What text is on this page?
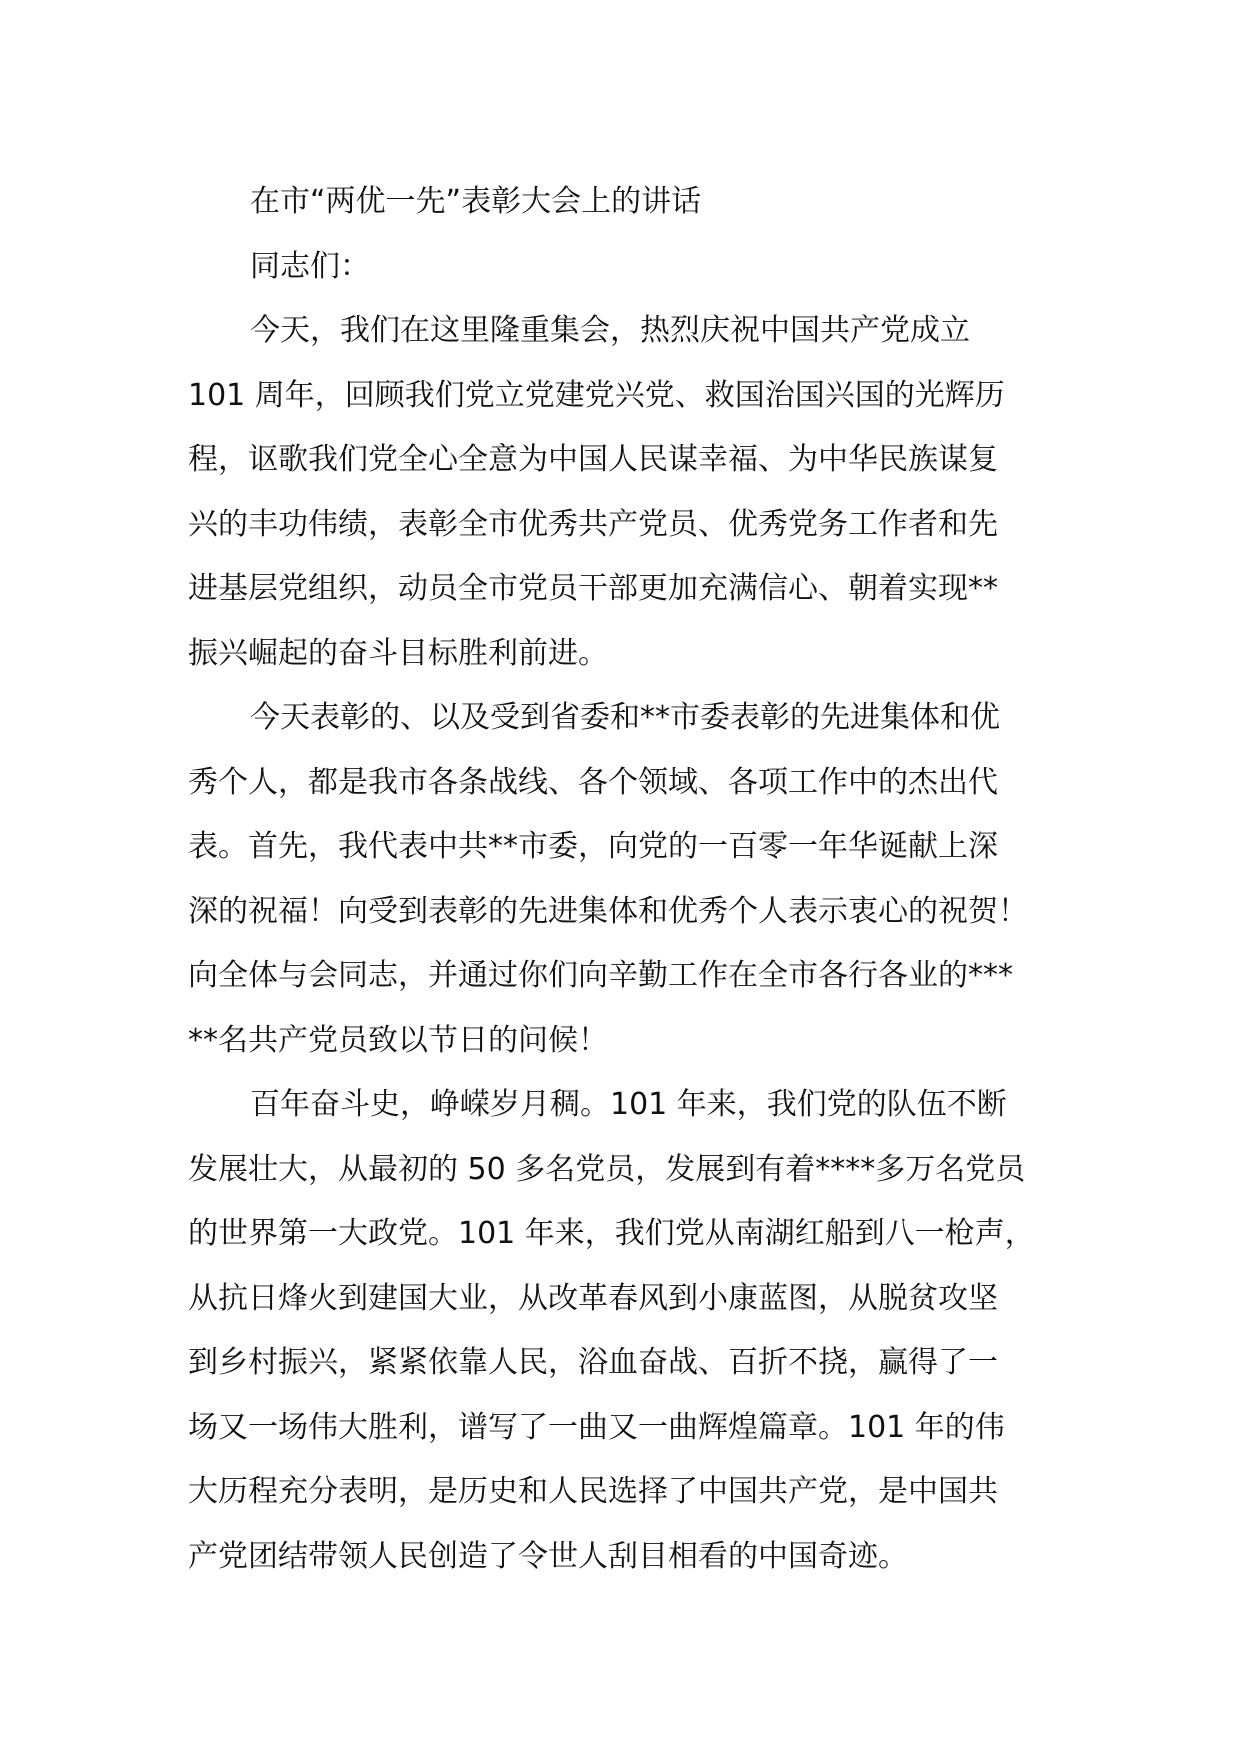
在市“两优一先”表彰大会上的讲话
同志们：
今天，我们在这里隆重集会，热烈庆祝中国共产党成立
101 周年，回顾我们党立党建党兴党、救国治国兴国的光辉历
程，讴歌我们党全心全意为中国人民谋幸福、为中华民族谋复
兴的丰功伟绩，表彰全市优秀共产党员、优秀党务工作者和先
进基层党组织，动员全市党员干部更加充满信心、朝着实现**
振兴崛起的奋斗目标胜利前进。
今天表彰的、以及受到省委和**市委表彰的先进集体和优
秀个人，都是我市各条战线、各个领域、各项工作中的杰出代
表。首先，我代表中共**市委，向党的一百零一年华诞献上深
深的祝福！向受到表彰的先进集体和优秀个人表示衷心的祝贺！
向全体与会同志，并通过你们向辛勤工作在全市各行各业的***
**名共产党员致以节日的问候！
百年奋斗史，峥嵘岁月稠。101 年来，我们党的队伍不断
发展壮大，从最初的 50 多名党员，发展到有着****多万名党员
的世界第一大政党。101 年来，我们党从南湖红船到八一枪声，
从抗日烽火到建国大业，从改革春风到小康蓝图，从脱贫攻坚
到乡村振兴，紧紧依靠人民，浴血奋战、百折不挠，赢得了一
场又一场伟大胜利，谱写了一曲又一曲辉煌篇章。101 年的伟
大历程充分表明，是历史和人民选择了中国共产党，是中国共
产党团结带领人民创造了令世人刮目相看的中国奇迹。
